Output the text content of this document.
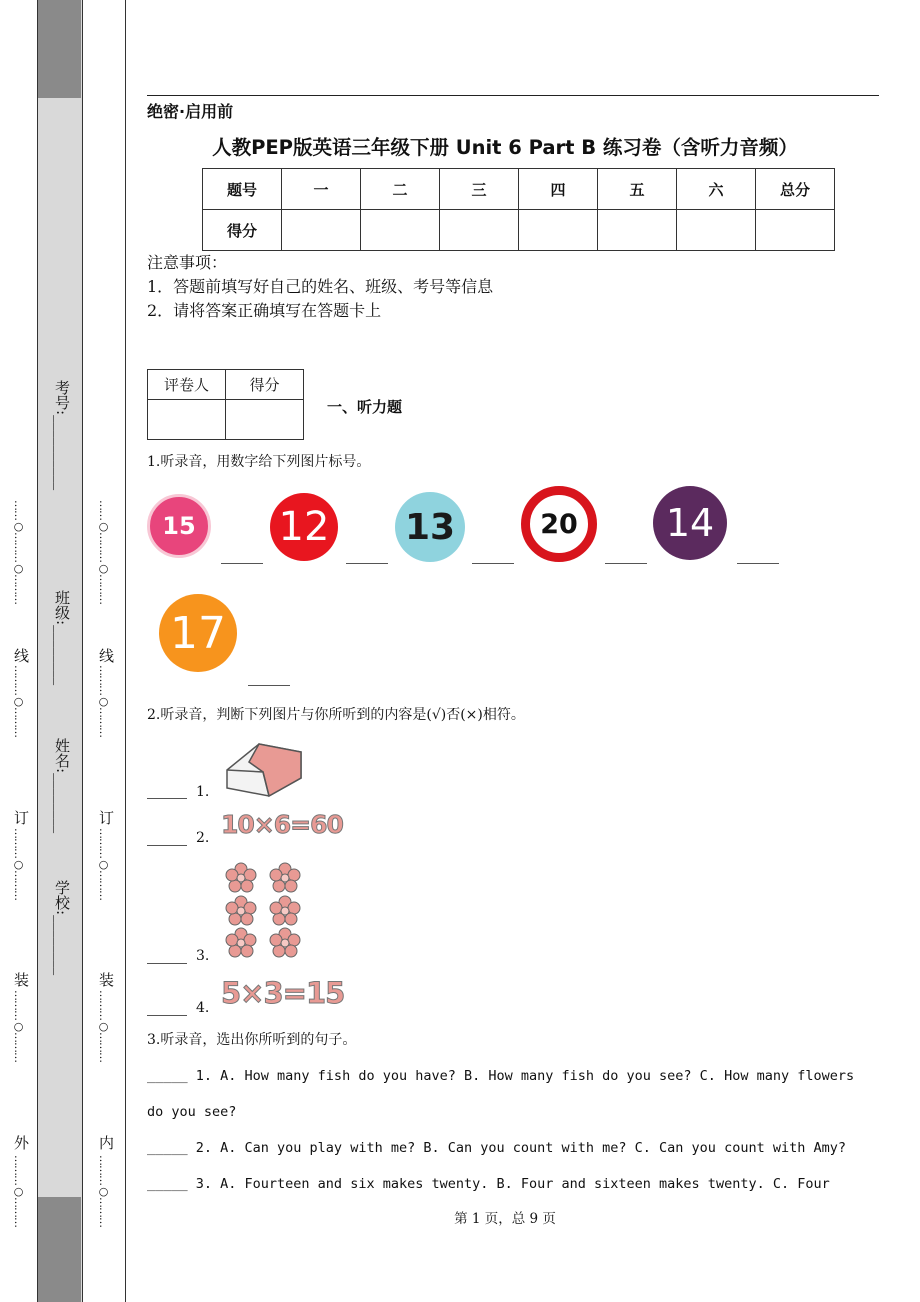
……○………○………
外
装
订
线
………○………
………○………
………○………
………○………
……○………○………
内
装
订
线
………○………
………○………
………○………
………○………
学校:________
姓名:________
班级:________
考号:__________
绝密·启用前
人教PEP版英语三年级下册 Unit 6 Part B 练习卷（含听力音频）
题号	一	二	三	四	五	六	总分
得分							
注意事项：
1．答题前填写好自己的姓名、班级、考号等信息
2．请将答案正确填写在答题卡上
评卷人	得分

一、听力题
1.听录音，用数字给下列图片标号。
15 12 13	20 14
17
2.听录音，判断下列图片与你所听到的内容是(√)否(×)相符。
1.
10×6=60
2.
3.
5×3=15
4.
3.听录音，选出你所听到的句子。
_____ 1. A. How many fish do you have? B. How many fish do you see? C. How many flowers
do you see?
_____ 2. A. Can you play with me? B. Can you count with me? C. Can you count with Amy?
_____ 3. A. Fourteen and six makes twenty. B. Four and sixteen makes twenty. C. Four
第 1 页，总 9 页
